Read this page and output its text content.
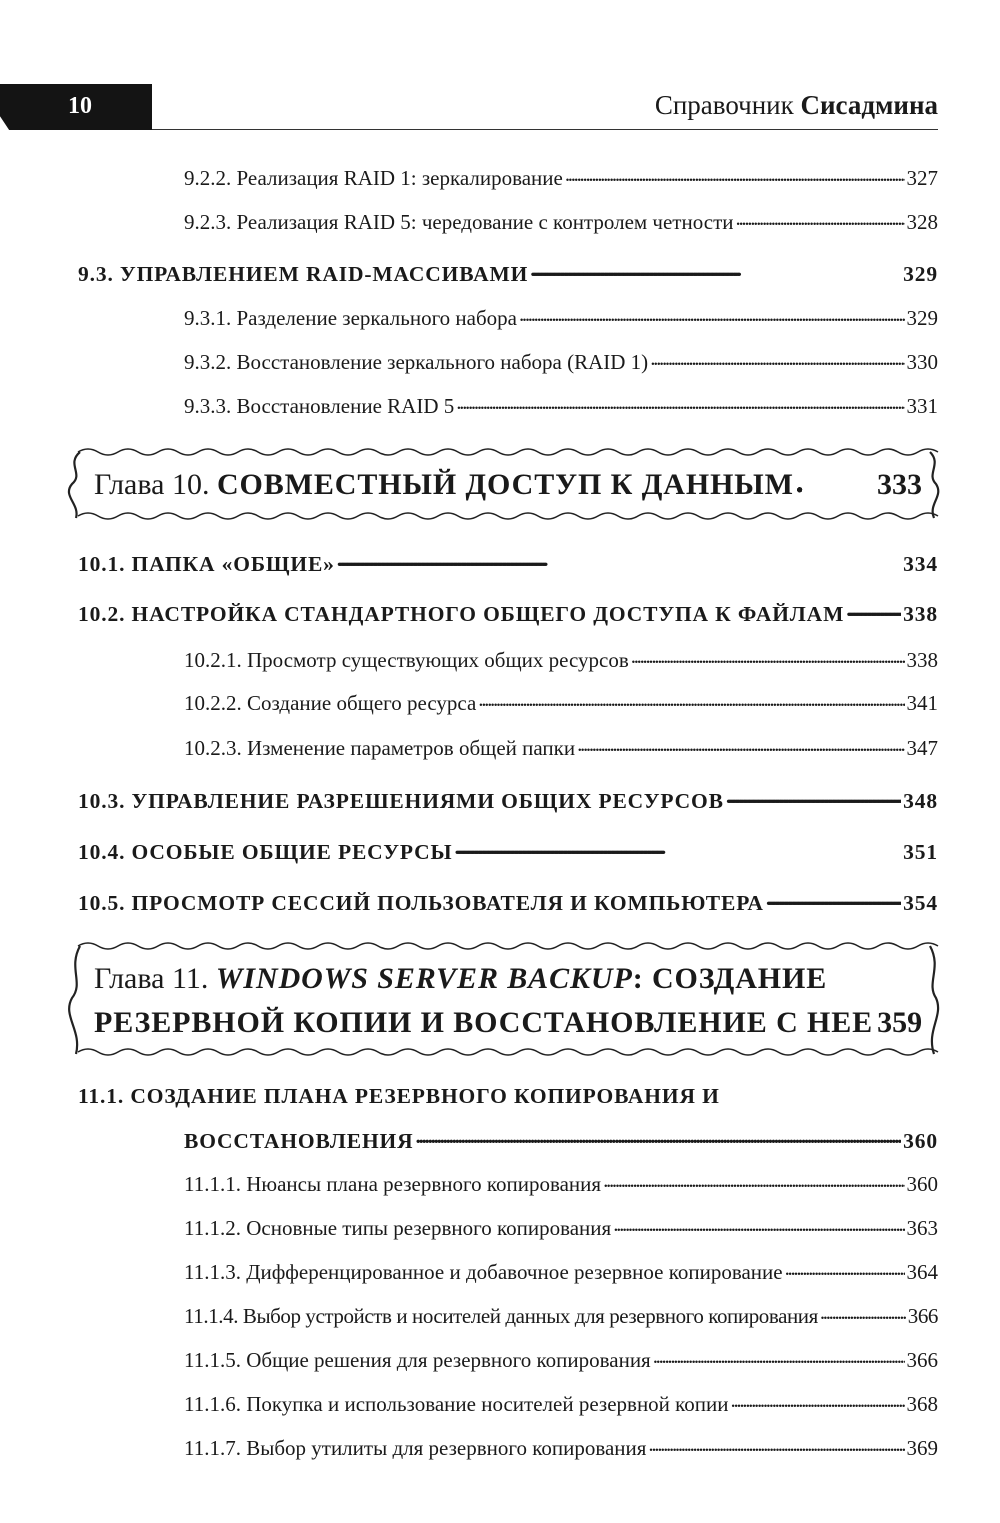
10	Справочник Сисадмина
9.2.2. Реализация RAID 1: зеркалирование . . .	327
9.2.3. Реализация RAID 5: чередование с контролем четности . . .	328
9.3. УПРАВЛЕНИЕМ RAID-МАССИВАМИ . . .	329
9.3.1. Разделение зеркального набора . . .	329
9.3.2. Восстановление зеркального набора (RAID 1) . . .	330
9.3.3. Восстановление RAID 5 . . .	331
Глава 10.
СОВМЕСТНЫЙ ДОСТУП К ДАННЫМ . . .	333
10.1. ПАПКА «ОБЩИЕ» . . .	334
10.2. НАСТРОЙКА СТАНДАРТНОГО ОБЩЕГО ДОСТУПА К ФАЙЛАМ . . .	338
10.2.1. Просмотр существующих общих ресурсов . . .	338
10.2.2. Создание общего ресурса . . .	341
10.2.3. Изменение параметров общей папки . . .	347
10.3. УПРАВЛЕНИЕ РАЗРЕШЕНИЯМИ ОБЩИХ РЕСУРСОВ . . .	348
10.4. ОСОБЫЕ ОБЩИЕ РЕСУРСЫ . . .	351
10.5. ПРОСМОТР СЕССИЙ ПОЛЬЗОВАТЕЛЯ И КОМПЬЮТЕРА . . .	354
Глава 11.
WINDOWS SERVER BACKUP : СОЗДАНИЕ
РЕЗЕРВНОЙ КОПИИ И ВОССТАНОВЛЕНИЕ С НЕЕ 359
11.1. СОЗДАНИЕ ПЛАНА РЕЗЕРВНОГО КОПИРОВАНИЯ И
ВОССТАНОВЛЕНИЯ . . .	360
11.1.1. Нюансы плана резервного копирования . . .	360
11.1.2. Основные типы резервного копирования . . .	363
11.1.3. Дифференцированное и добавочное резервное копирование . . .	364
11.1.4. Выбор устройств и носителей данных для резервного копирования . . .	366
11.1.5. Общие решения для резервного копирования . . .	366
11.1.6. Покупка и использование носителей резервной копии . . .	368
11.1.7. Выбор утилиты для резервного копирования . . .	369
